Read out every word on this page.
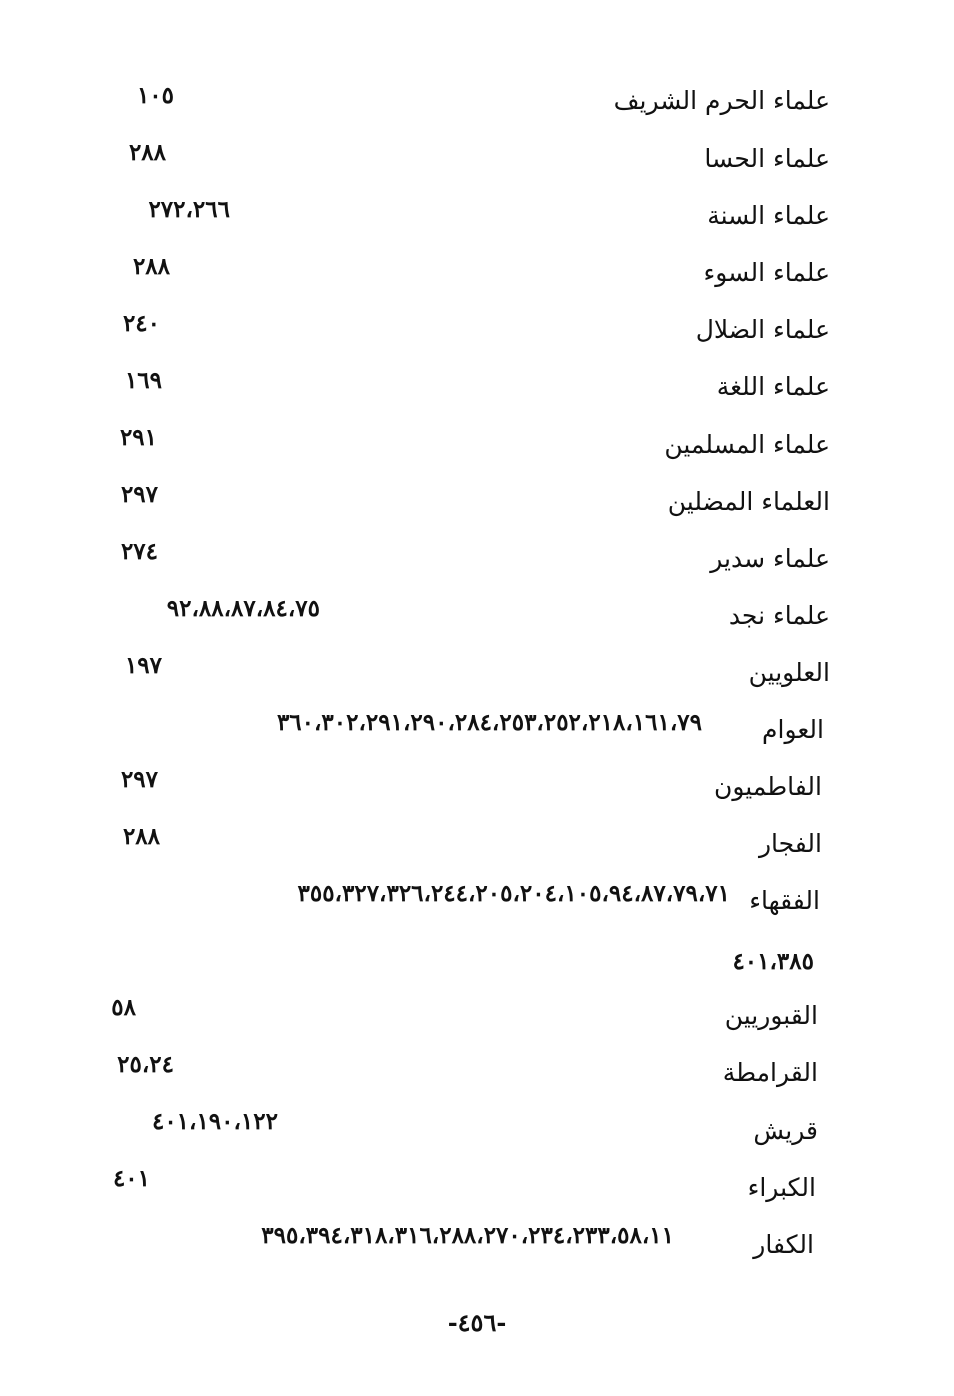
علماء الحرم الشريف
١٠٥
علماء الحسا
٢٨٨
علماء السنة
٢٧٢،٢٦٦
علماء السوء
٢٨٨
علماء الضلال
٢٤٠
علماء اللغة
١٦٩
علماء المسلمين
٢٩١
العلماء المضلين
٢٩٧
علماء سدير
٢٧٤
علماء نجد
٩٢،٨٨،٨٧،٨٤،٧٥
العلويين
١٩٧
العوام
٣٦٠،٣٠٢،٢٩١،٢٩٠،٢٨٤،٢٥٣،٢٥٢،٢١٨،١٦١،٧٩
الفاطميون
٢٩٧
الفجار
٢٨٨
الفقهاء
٣٥٥،٣٢٧،٣٢٦،٢٤٤،٢٠٥،٢٠٤،١٠٥،٩٤،٨٧،٧٩،٧١
٤٠١،٣٨٥
القبوريين
٥٨
القرامطة
٢٥،٢٤
قريش
٤٠١،١٩٠،١٢٢
الكبراء
٤٠١
الكفار
٣٩٥،٣٩٤،٣١٨،٣١٦،٢٨٨،٢٧٠،٢٣٤،٢٣٣،٥٨،١١
-٤٥٦-
